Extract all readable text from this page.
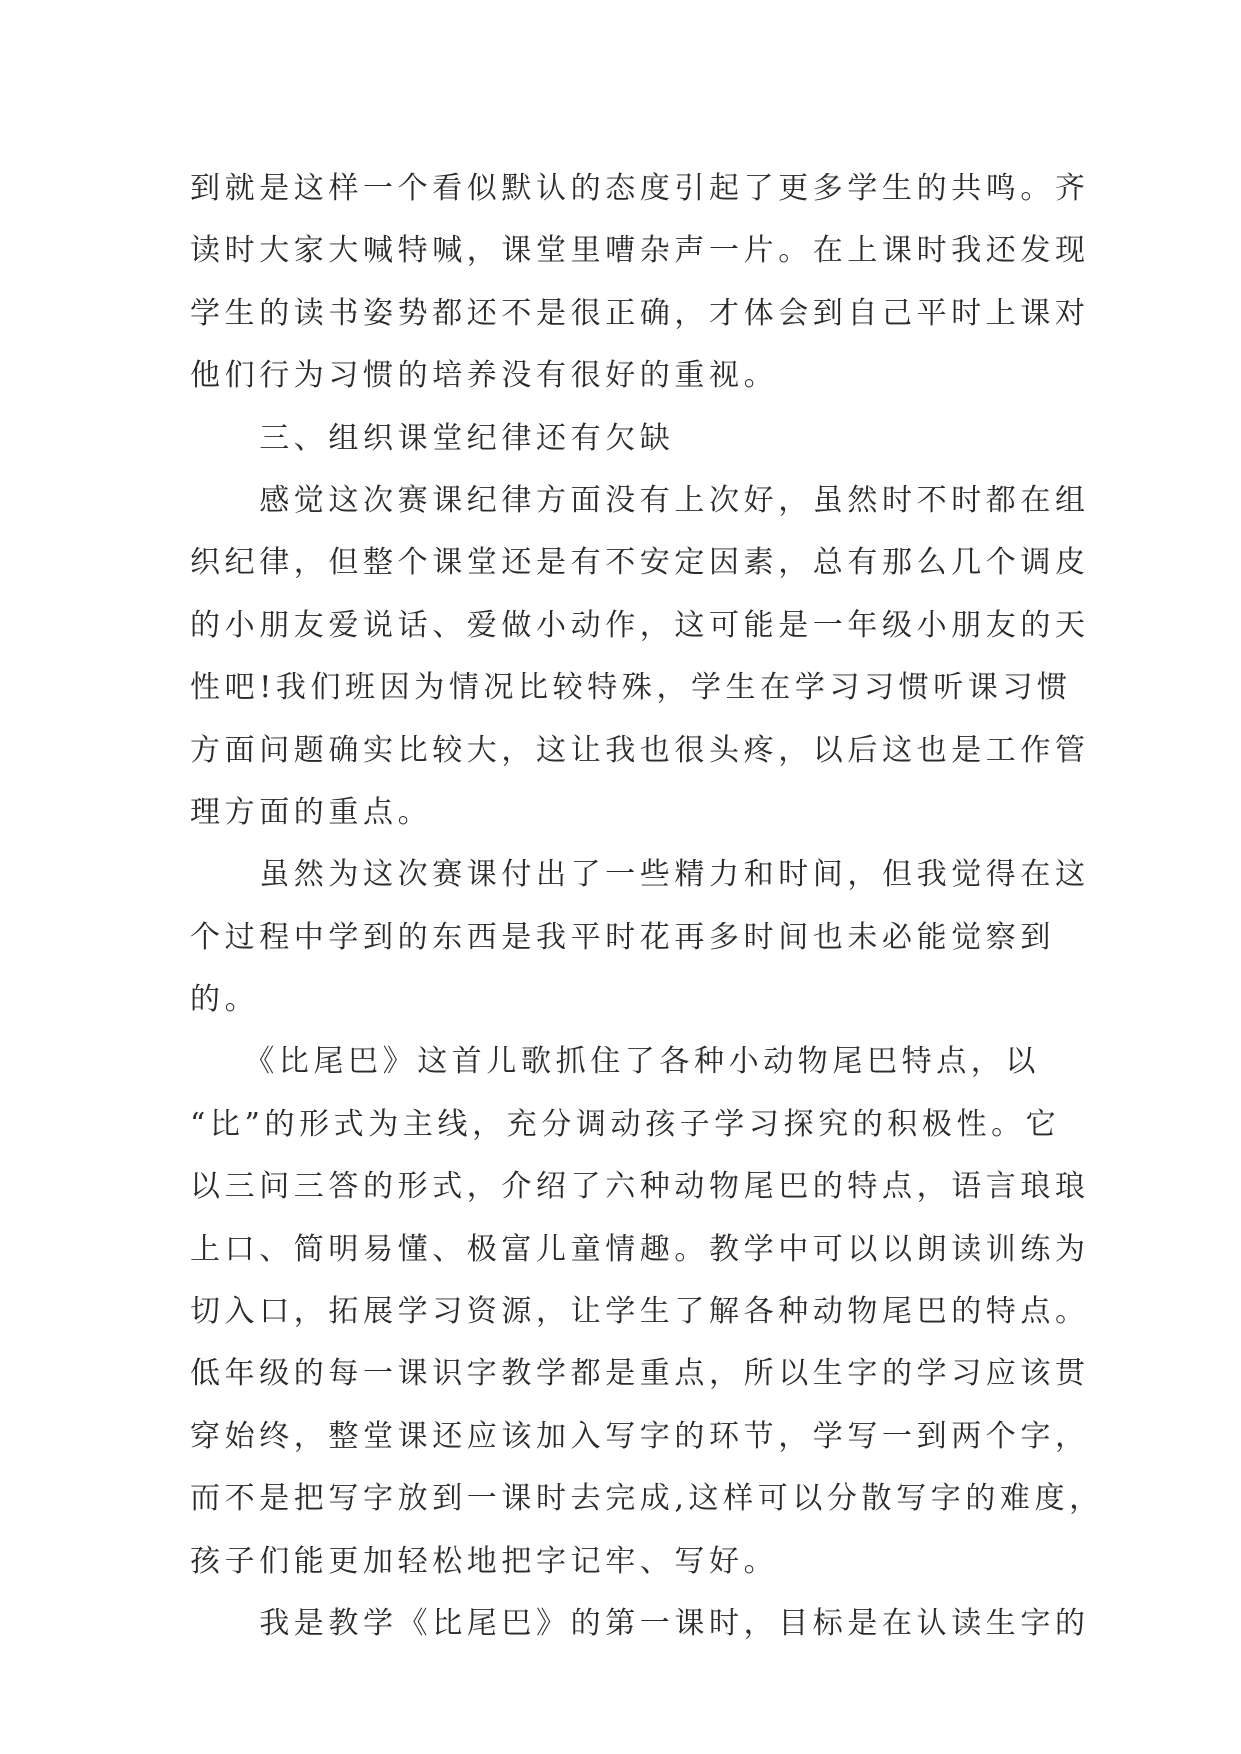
到就是这样一个看似默认的态度引起了更多学生的共鸣。齐
读时大家大喊特喊，课堂里嘈杂声一片。在上课时我还发现
学生的读书姿势都还不是很正确，才体会到自己平时上课对
他们行为习惯的培养没有很好的重视。
　　三、组织课堂纪律还有欠缺
　　感觉这次赛课纪律方面没有上次好，虽然时不时都在组
织纪律，但整个课堂还是有不安定因素，总有那么几个调皮
的小朋友爱说话、爱做小动作，这可能是一年级小朋友的天
性吧!我们班因为情况比较特殊，学生在学习习惯听课习惯
方面问题确实比较大，这让我也很头疼，以后这也是工作管
理方面的重点。
　　虽然为这次赛课付出了一些精力和时间，但我觉得在这
个过程中学到的东西是我平时花再多时间也未必能觉察到
的。
　　《比尾巴》这首儿歌抓住了各种小动物尾巴特点，以
“比”的形式为主线，充分调动孩子学习探究的积极性。它
以三问三答的形式，介绍了六种动物尾巴的特点，语言琅琅
上口、简明易懂、极富儿童情趣。教学中可以以朗读训练为
切入口，拓展学习资源，让学生了解各种动物尾巴的特点。
低年级的每一课识字教学都是重点，所以生字的学习应该贯
穿始终，整堂课还应该加入写字的环节，学写一到两个字，
而不是把写字放到一课时去完成,这样可以分散写字的难度，
孩子们能更加轻松地把字记牢、写好。
　　我是教学《比尾巴》的第一课时，目标是在认读生字的
